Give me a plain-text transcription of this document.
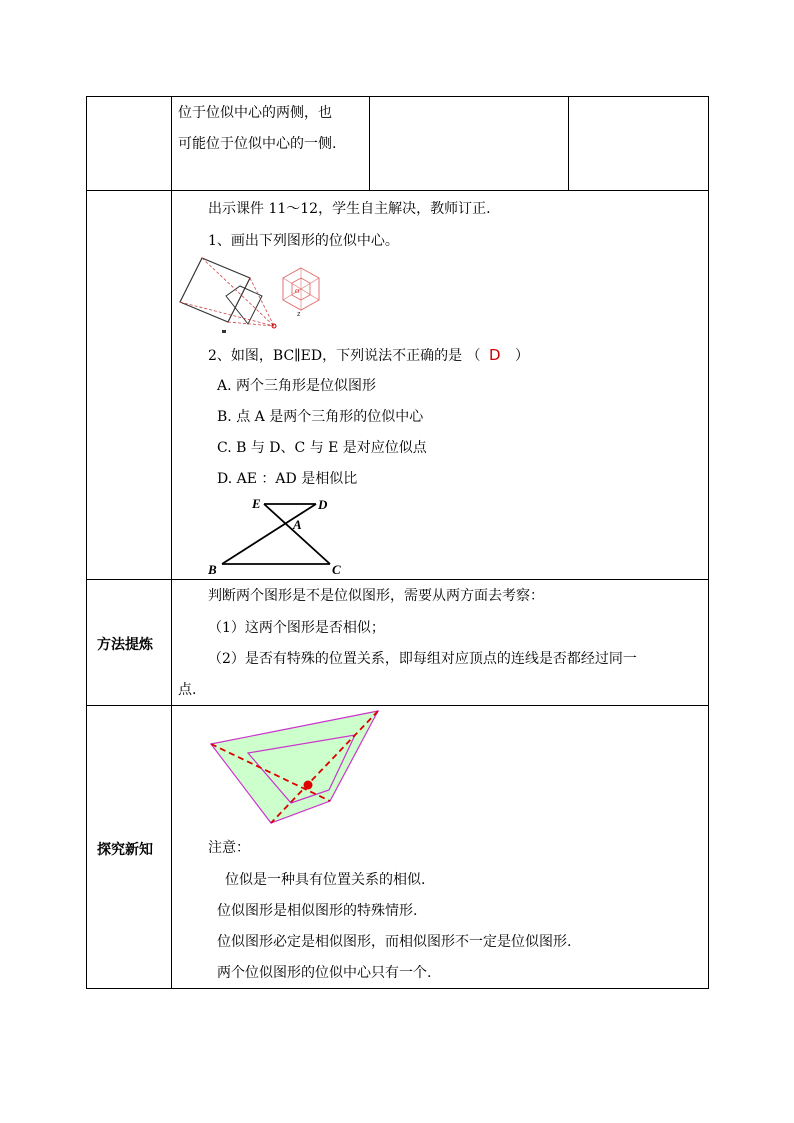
位于位似中心的两侧，也
可能位于位似中心的一侧.
出示课件 11～12，学生自主解决，教师订正.
1、画出下列图形的位似中心。
O
z
2、如图，BC∥ED，下列说法不正确的是 （ D ）
A. 两个三角形是位似图形
B. 点 A 是两个三角形的位似中心
C. B 与 D、C 与 E 是对应位似点
D. AE ：AD 是相似比
E	D
A
B	C
方法提炼
判断两个图形是不是位似图形，需要从两方面去考察：
（1）这两个图形是否相似；
（2）是否有特殊的位置关系，即每组对应顶点的连线是否都经过同一
点.
探究新知	注意：
位似是一种具有位置关系的相似.
位似图形是相似图形的特殊情形.
位似图形必定是相似图形，而相似图形不一定是位似图形.
两个位似图形的位似中心只有一个.
